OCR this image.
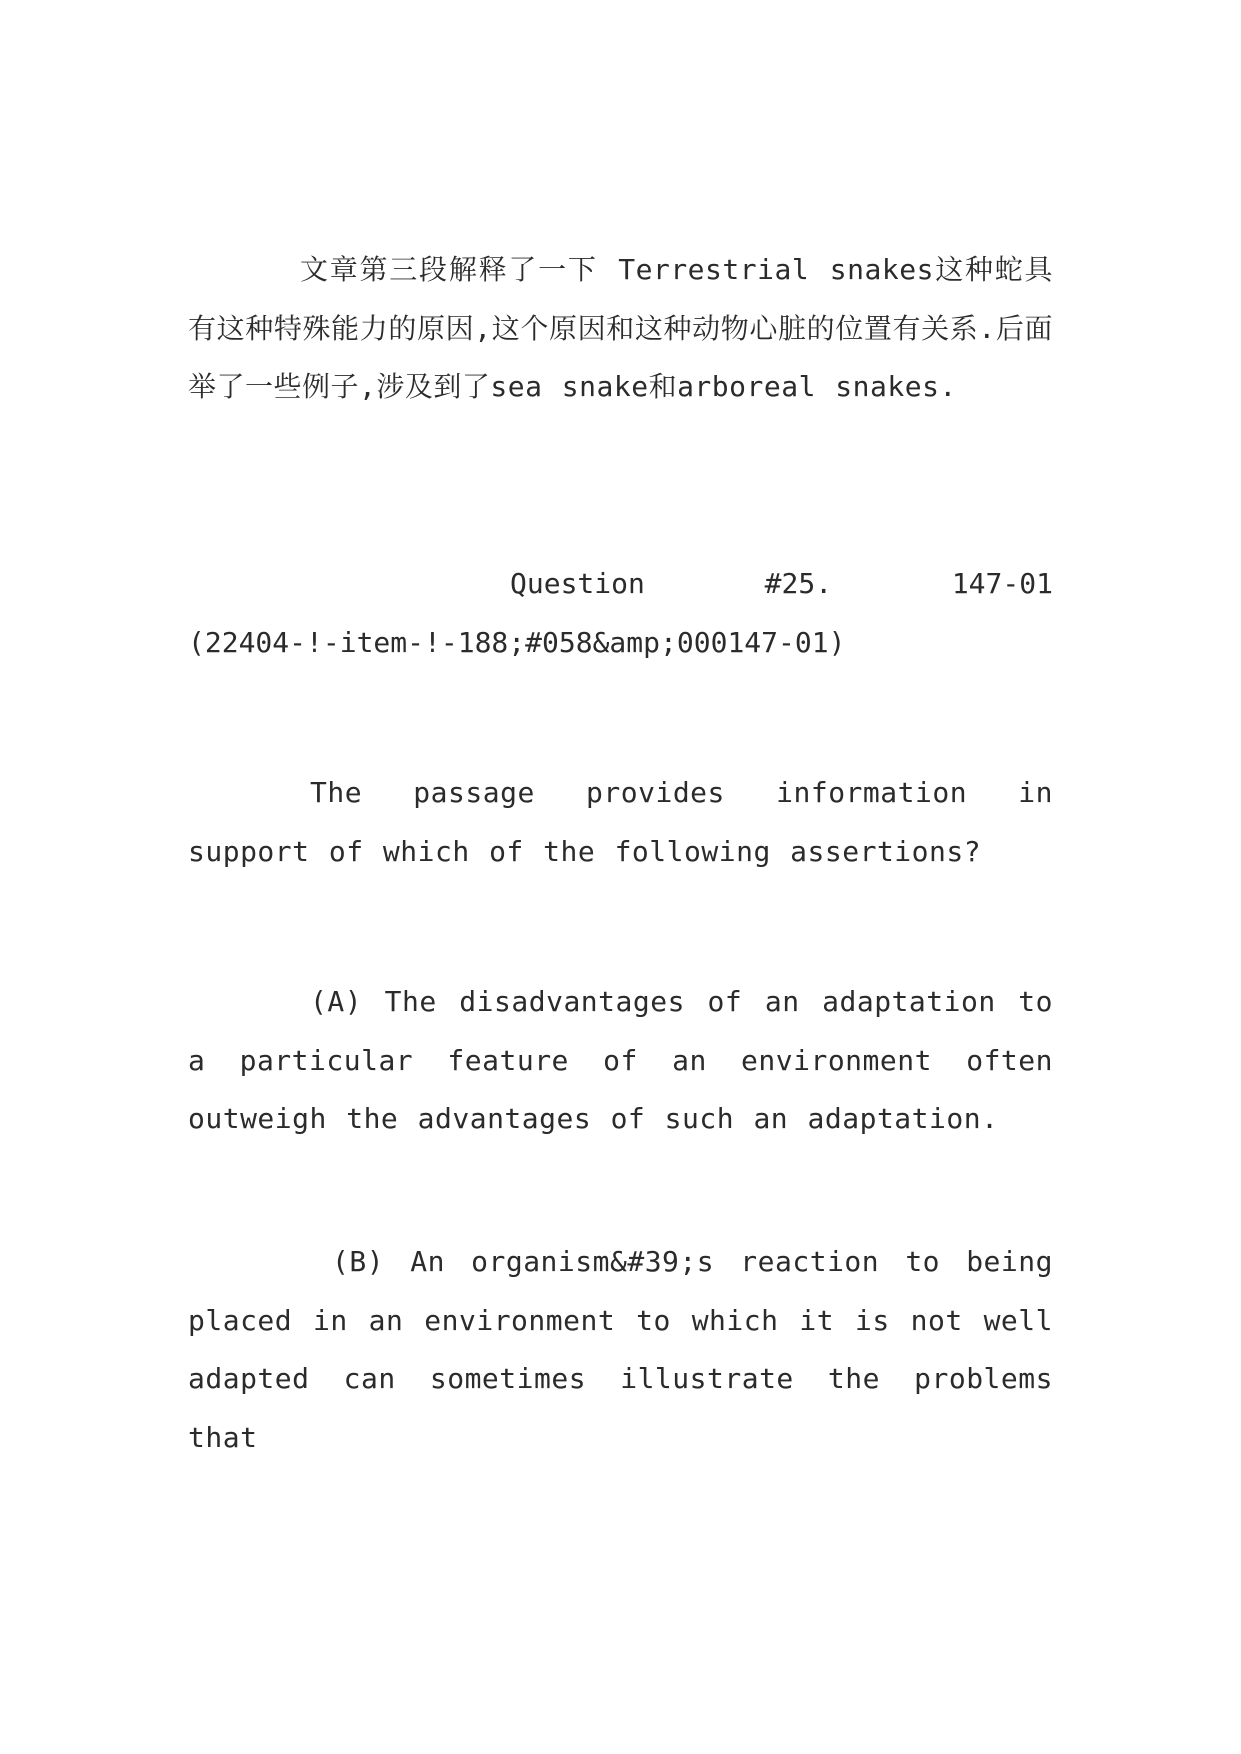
文章第三段解释了一下 Terrestrial snakes这种蛇具有这种特殊能力的原因,这个原因和这种动物心脏的位置有关系.后面举了一些例子,涉及到了sea snake和arboreal snakes.

Question	#25.	147-01
(22404-!-item-!-188;#058&amp;000147-01)

The passage provides information in support of which of the following assertions?

(A) The disadvantages of an adaptation to a particular feature of an environment often outweigh the advantages of such an adaptation.

(B) An organism&#39;s reaction to being placed in an environment to which it is not well adapted can sometimes illustrate the problems that
